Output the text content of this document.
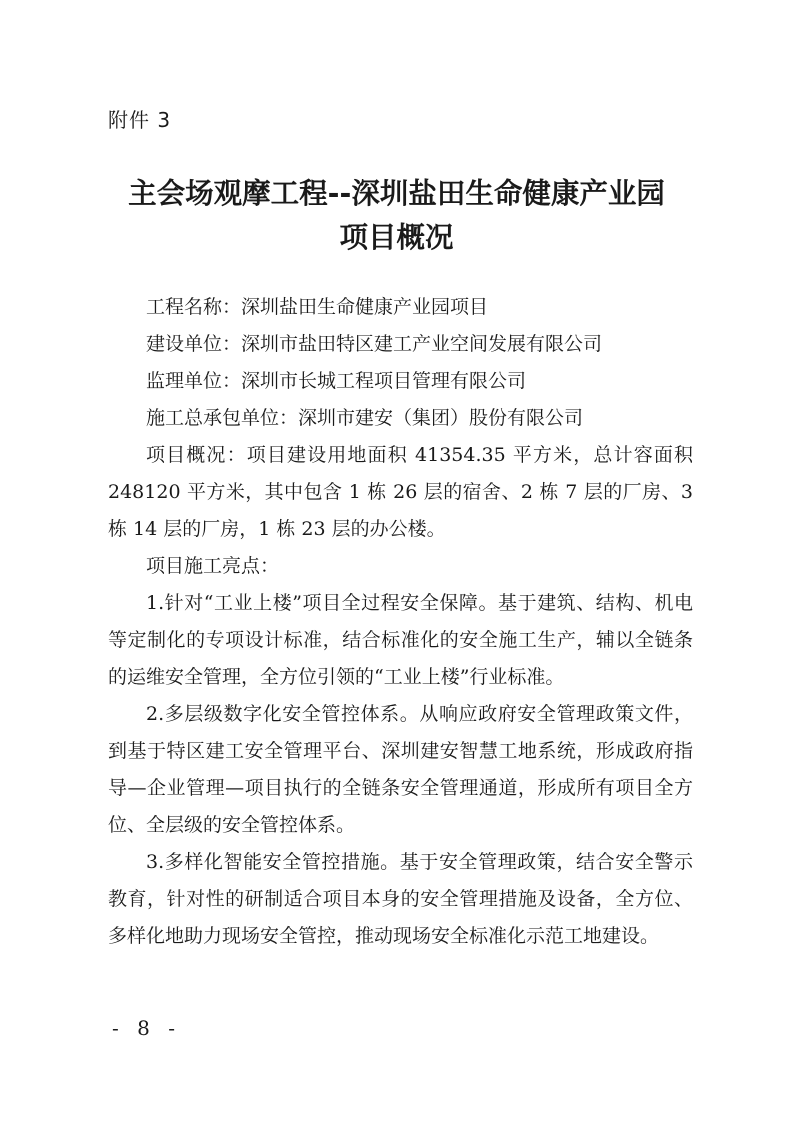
附件 3
主会场观摩工程--深圳盐田生命健康产业园
项目概况

工程名称：深圳盐田生命健康产业园项目

建设单位：深圳市盐田特区建工产业空间发展有限公司

监理单位：深圳市长城工程项目管理有限公司

施工总承包单位：深圳市建安（集团）股份有限公司

项目概况：项目建设用地面积 41354.35 平方米，总计容面积 248120 平方米，其中包含 1 栋 26 层的宿舍、2 栋 7 层的厂房、3 栋 14 层的厂房，1 栋 23 层的办公楼。

项目施工亮点：

1.针对“工业上楼”项目全过程安全保障。基于建筑、结构、机电等定制化的专项设计标准，结合标准化的安全施工生产，辅以全链条的运维安全管理，全方位引领的“工业上楼”行业标准。

2.多层级数字化安全管控体系。从响应政府安全管理政策文件，到基于特区建工安全管理平台、深圳建安智慧工地系统，形成政府指导—企业管理—项目执行的全链条安全管理通道，形成所有项目全方位、全层级的安全管控体系。

3.多样化智能安全管控措施。基于安全管理政策，结合安全警示教育，针对性的研制适合项目本身的安全管理措施及设备，全方位、多样化地助力现场安全管控，推动现场安全标准化示范工地建设。

- 8 -
